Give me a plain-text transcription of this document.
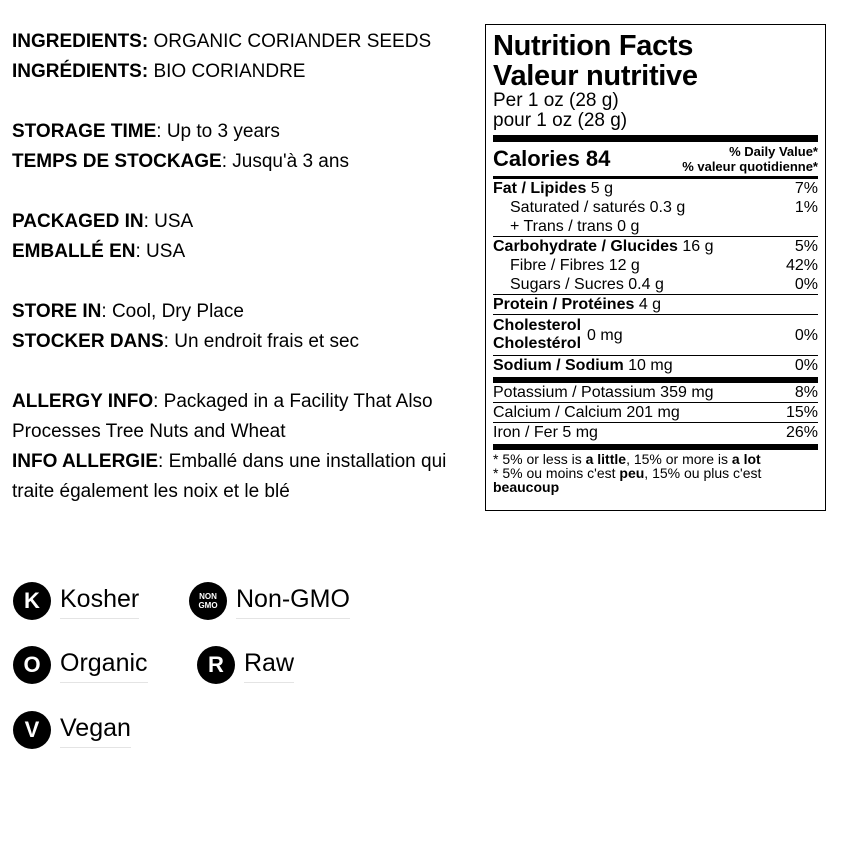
INGREDIENTS: ORGANIC CORIANDER SEEDS

INGRÉDIENTS: BIO CORIANDRE

STORAGE TIME: Up to 3 years

TEMPS DE STOCKAGE: Jusqu'à 3 ans

PACKAGED IN: USA

EMBALLÉ EN: USA

STORE IN: Cool, Dry Place

STOCKER DANS: Un endroit frais et sec

ALLERGY INFO: Packaged in a Facility That Also Processes Tree Nuts and Wheat

INFO ALLERGIE: Emballé dans une installation qui traite également les noix et le blé

K Kosher	NON
GMO Non-GMO
O Organic	R Raw
V Vegan
Nutrition Facts
Valeur nutritive
Per 1 oz (28 g)
pour 1 oz (28 g)
Calories 84	% Daily Value*
% valeur quotidienne*
Fat / Lipides 5 g	7%
Saturated / saturés 0.3 g	1%
+ Trans / trans 0 g
Carbohydrate / Glucides 16 g	5%
Fibre / Fibres 12 g	42%
Sugars / Sucres 0.4 g	0%
Protein / Protéines 4 g
Cholesterol
Cholestérol 0 mg	0%
Sodium / Sodium 10 mg	0%
Potassium / Potassium 359 mg	8%
Calcium / Calcium 201 mg	15%
Iron / Fer 5 mg	26%
* 5% or less is a little, 15% or more is a lot
* 5% ou moins c'est peu, 15% ou plus c'est beaucoup
